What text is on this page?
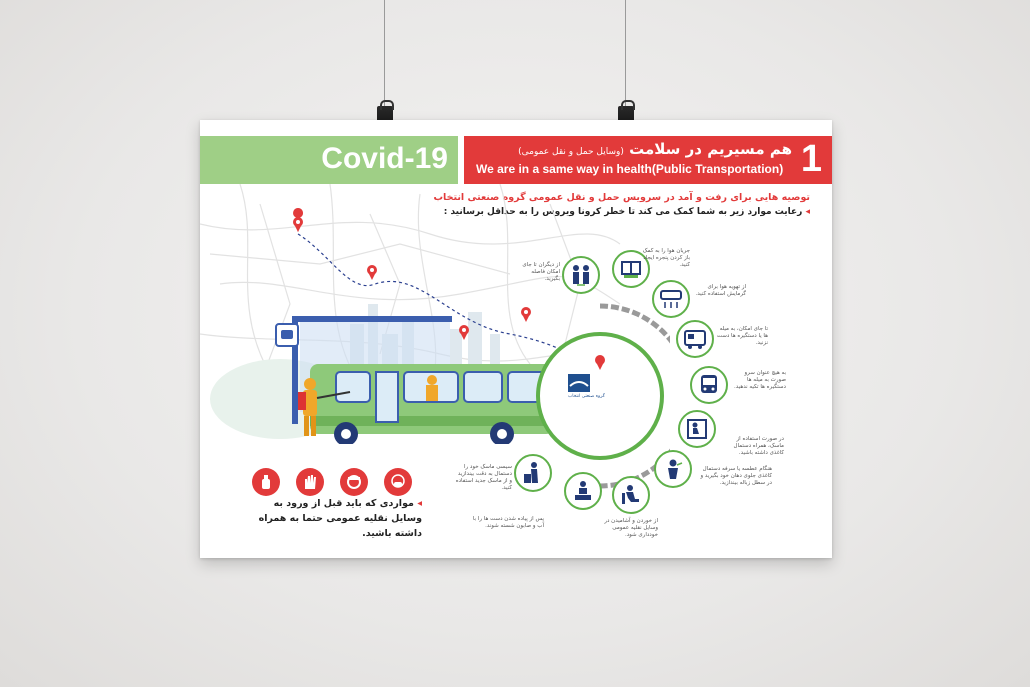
Covid-19	1
هم مسیریم در سلامت (وسایل حمل و نقل عمومی)
We are in a same way in health(Public Transportation)
توصیه هایی برای رفت و آمد در سرویس حمل و نقل عمومی گروه صنعتی انتخاب
◂ رعایت موارد زیر به شما کمک می کند تا خطر کرونا ویروس را به حداقل برسانید :
گروه صنعتی انتخاب
از دیگران تا جای امکان فاصله بگیرید.
جریان هوا را به کمک باز کردن پنجره ایجاد کنید.
از تهویه هوا برای گرمایش استفاده کنید.
تا جای امکان، به میله ها یا دستگیره ها دست نزنید.
به هیچ عنوان سرو صورت به میله ها دستگیره ها تکیه ندهید.
در صورت استفاده از ماسک، همراه دستمال کاغذی داشته باشید.
هنگام عطسه یا سرفه دستمال کاغذی جلوی دهان خود بگیرید و در سطل زباله بیندازید.
از خوردن و آشامیدن در وسایل نقلیه عمومی خودداری شود.
پس از پیاده شدن دست ها را با آب و صابون شسته شوند.
سیسی ماسک خود را دستمال به دقت بیندازید و از ماسک جدید استفاده کنید.
◂ مواردی که باید قبل از ورود به وسایل نقلیه عمومی حتما به همراه داشته باشید.
